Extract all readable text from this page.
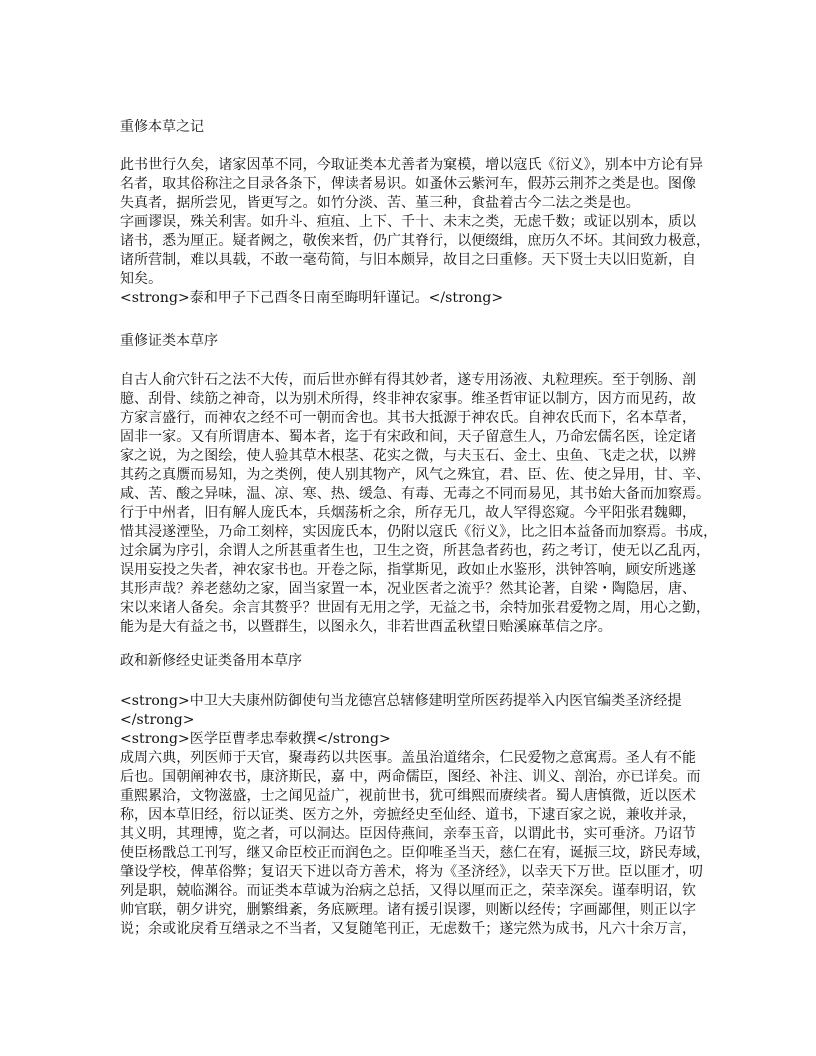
重修本草之记
此书世行久矣，诸家因革不同，今取证类本尤善者为窠模，增以寇氏《衍义》，别本中方论有异
名者，取其俗称注之目录各条下，俾读者易识。如蚤休云紫河车，假苏云荆芥之类是也。图像
失真者，据所尝见，皆更写之。如竹分淡、苦、堇三种，食盐着古今二法之类是也。
字画谬误，殊关利害。如升斗、疸疽、上下、千十、未末之类，无虑千数；或证以别本，质以
诸书，悉为厘正。疑者阙之，敬俟来哲，仍广其脊行，以便缀缉，庶历久不坏。其间致力极意，
诸所营制，难以具载，不敢一毫苟简，与旧本颇异，故目之曰重修。天下贤士夫以旧览新，自
知矣。
<strong>泰和甲子下己酉冬日南至晦明轩谨记。</strong>
重修证类本草序
自古人俞穴针石之法不大传，而后世亦鲜有得其妙者，遂专用汤液、丸粒理疾。至于刳肠、剖
臆、刮骨、续筋之神奇，以为别术所得，终非神农家事。维圣哲审证以制方，因方而见药，故
方家言盛行，而神农之经不可一朝而舍也。其书大抵源于神农氏。自神农氏而下，名本草者，
固非一家。又有所谓唐本、蜀本者，迄于有宋政和间，天子留意生人，乃命宏儒名医，诠定诸
家之说，为之图绘，使人验其草木根茎、花实之微，与夫玉石、金土、虫鱼、飞走之状，以辨
其药之真赝而易知，为之类例，使人别其物产，风气之殊宜，君、臣、佐、使之异用，甘、辛、
咸、苦、酸之异味，温、凉、寒、热、缓急、有毒、无毒之不同而易见，其书始大备而加察焉。
行于中州者，旧有解人庞氏本，兵烟荡析之余，所存无几，故人罕得恣窥。今平阳张君魏卿，
惜其浸遂湮坠，乃命工刻梓，实因庞氏本，仍附以寇氏《衍义》，比之旧本益备而加察焉。书成，
过余属为序引，余谓人之所甚重者生也，卫生之资，所甚急者药也，药之考订，使无以乙乱丙，
误用妄投之失者，神农家书也。开卷之际，指掌斯见，政如止水鉴形，洪钟答响，顾安所逃遂
其形声哉？养老慈幼之家，固当家置一本，况业医者之流乎？然其论著，自梁・陶隐居，唐、
宋以来诸人备矣。余言其赘乎？世固有无用之学，无益之书，余特加张君爱物之周，用心之勤，
能为是大有益之书，以暨群生，以图永久，非若世酉孟秋望日贻溪麻革信之序。
政和新修经史证类备用本草序
<strong>中卫大夫康州防御使句当龙德宫总辖修建明堂所医药提举入内医官编类圣济经提
</strong>
<strong>医学臣曹孝忠奉敕撰</strong>
成周六典，列医师于天官，聚毒药以共医事。盖虽治道绪余，仁民爱物之意寓焉。圣人有不能
后也。国朝阐神农书，康济斯民，嘉 中，两命儒臣，图经、补注、训义、剖治，亦已详矣。而
重熙累洽，文物滋盛，士之闻见益广，视前世书，犹可缉熙而赓续者。蜀人唐慎微，近以医术
称，因本草旧经，衍以证类、医方之外，旁摭经史至仙经、道书，下逮百家之说，兼收并录，
其义明，其理博，览之者，可以洞达。臣因侍燕间，亲奉玉音，以谓此书，实可垂济。乃诏节
使臣杨戬总工刊写，继又命臣校正而润色之。臣仰唯圣当天，慈仁在宥，诞振三坟，跻民寿域，
肇设学校，俾革俗弊；复诏天下进以奇方善术，将为《圣济经》，以幸天下万世。臣以匪才，叨
列是职，兢临渊谷。而证类本草诚为治病之总括，又得以厘而正之，荣幸深矣。谨奉明诏，钦
帅官联，朝夕讲究，删繁缉紊，务底厥理。诸有援引误谬，则断以经传；字画鄙俚，则正以字
说；余或讹戾肴互缮录之不当者，又复随笔刊正，无虑数千；遂完然为成书，凡六十余万言，
